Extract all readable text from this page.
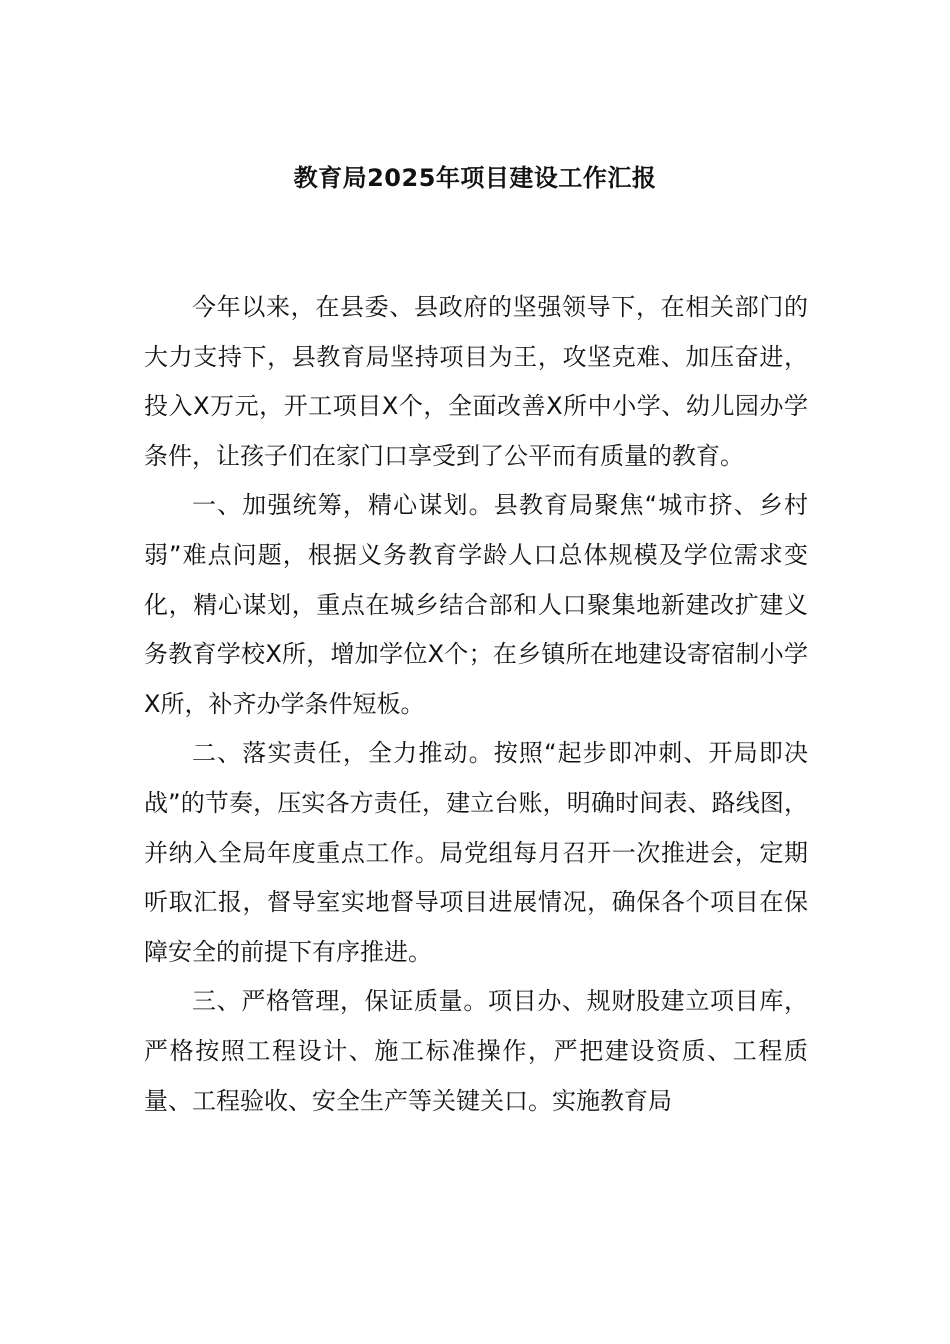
教育局2025年项目建设工作汇报

今年以来，在县委、县政府的坚强领导下，在相关部门的大力支持下，县教育局坚持项目为王，攻坚克难、加压奋进，投入X万元，开工项目X个，全面改善X所中小学、幼儿园办学条件，让孩子们在家门口享受到了公平而有质量的教育。

一、加强统筹，精心谋划。县教育局聚焦“城市挤、乡村弱”难点问题，根据义务教育学龄人口总体规模及学位需求变化，精心谋划，重点在城乡结合部和人口聚集地新建改扩建义务教育学校X所，增加学位X个；在乡镇所在地建设寄宿制小学X所，补齐办学条件短板。

二、落实责任，全力推动。按照“起步即冲刺、开局即决战”的节奏，压实各方责任，建立台账，明确时间表、路线图，并纳入全局年度重点工作。局党组每月召开一次推进会，定期听取汇报，督导室实地督导项目进展情况，确保各个项目在保障安全的前提下有序推进。

三、严格管理，保证质量。项目办、规财股建立项目库，严格按照工程设计、施工标准操作，严把建设资质、工程质量、工程验收、安全生产等关键关口。实施教育局
